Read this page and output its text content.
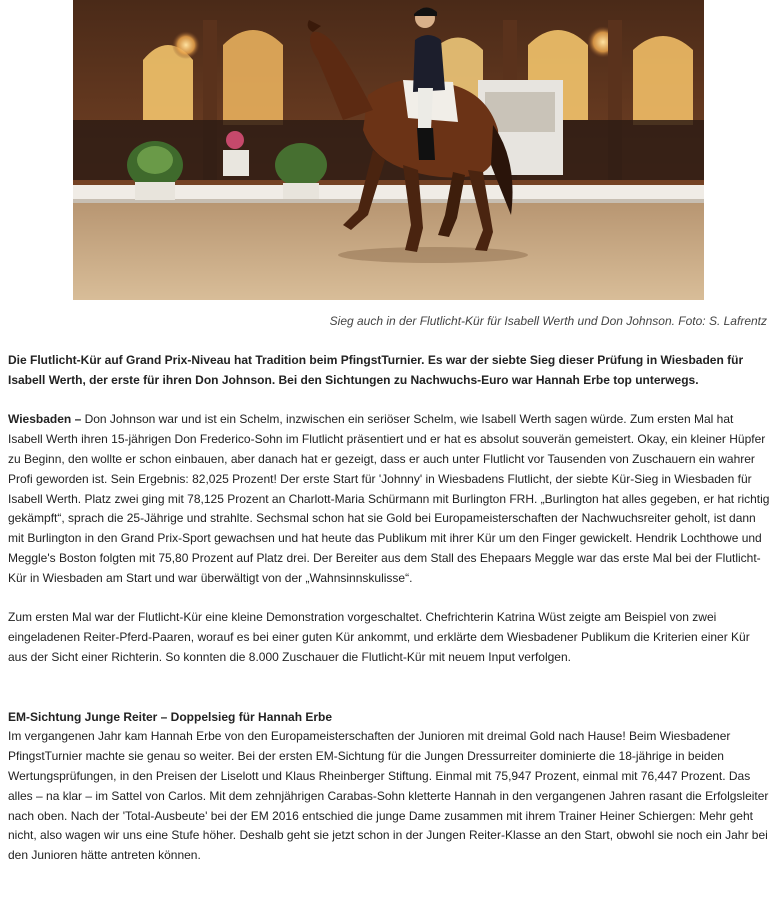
Sieg auch in der Flutlicht-Kür für Isabell Werth und Don Johnson. Foto: S. Lafrentz

Die Flutlicht-Kür auf Grand Prix-Niveau hat Tradition beim PfingstTurnier. Es war der siebte Sieg dieser Prüfung in Wiesbaden für Isabell Werth, der erste für ihren Don Johnson. Bei den Sichtungen zu Nachwuchs-Euro war Hannah Erbe top unterwegs.

Wiesbaden – Don Johnson war und ist ein Schelm, inzwischen ein seriöser Schelm, wie Isabell Werth sagen würde. Zum ersten Mal hat Isabell Werth ihren 15-jährigen Don Frederico-Sohn im Flutlicht präsentiert und er hat es absolut souverän gemeistert. Okay, ein kleiner Hüpfer zu Beginn, den wollte er schon einbauen, aber danach hat er gezeigt, dass er auch unter Flutlicht vor Tausenden von Zuschauern ein wahrer Profi geworden ist. Sein Ergebnis: 82,025 Prozent! Der erste Start für 'Johnny' in Wiesbadens Flutlicht, der siebte Kür-Sieg in Wiesbaden für Isabell Werth. Platz zwei ging mit 78,125 Prozent an Charlott-Maria Schürmann mit Burlington FRH. „Burlington hat alles gegeben, er hat richtig gekämpft“, sprach die 25-Jährige und strahlte. Sechsmal schon hat sie Gold bei Europameisterschaften der Nachwuchsreiter geholt, ist dann mit Burlington in den Grand Prix-Sport gewachsen und hat heute das Publikum mit ihrer Kür um den Finger gewickelt. Hendrik Lochthowe und Meggle's Boston folgten mit 75,80 Prozent auf Platz drei. Der Bereiter aus dem Stall des Ehepaars Meggle war das erste Mal bei der Flutlicht-Kür in Wiesbaden am Start und war überwältigt von der „Wahnsinnskulisse“.

Zum ersten Mal war der Flutlicht-Kür eine kleine Demonstration vorgeschaltet. Chefrichterin Katrina Wüst zeigte am Beispiel von zwei eingeladenen Reiter-Pferd-Paaren, worauf es bei einer guten Kür ankommt, und erklärte dem Wiesbadener Publikum die Kriterien einer Kür aus der Sicht einer Richterin. So konnten die 8.000 Zuschauer die Flutlicht-Kür mit neuem Input verfolgen.

EM-Sichtung Junge Reiter – Doppelsieg für Hannah Erbe
Im vergangenen Jahr kam Hannah Erbe von den Europameisterschaften der Junioren mit dreimal Gold nach Hause! Beim Wiesbadener PfingstTurnier machte sie genau so weiter. Bei der ersten EM-Sichtung für die Jungen Dressurreiter dominierte die 18-jährige in beiden Wertungsprüfungen, in den Preisen der Liselott und Klaus Rheinberger Stiftung. Einmal mit 75,947 Prozent, einmal mit 76,447 Prozent. Das alles – na klar – im Sattel von Carlos. Mit dem zehnjährigen Carabas-Sohn kletterte Hannah in den vergangenen Jahren rasant die Erfolgsleiter nach oben. Nach der 'Total-Ausbeute' bei der EM 2016 entschied die junge Dame zusammen mit ihrem Trainer Heiner Schiergen: Mehr geht nicht, also wagen wir uns eine Stufe höher. Deshalb geht sie jetzt schon in der Jungen Reiter-Klasse an den Start, obwohl sie noch ein Jahr bei den Junioren hätte antreten können.
